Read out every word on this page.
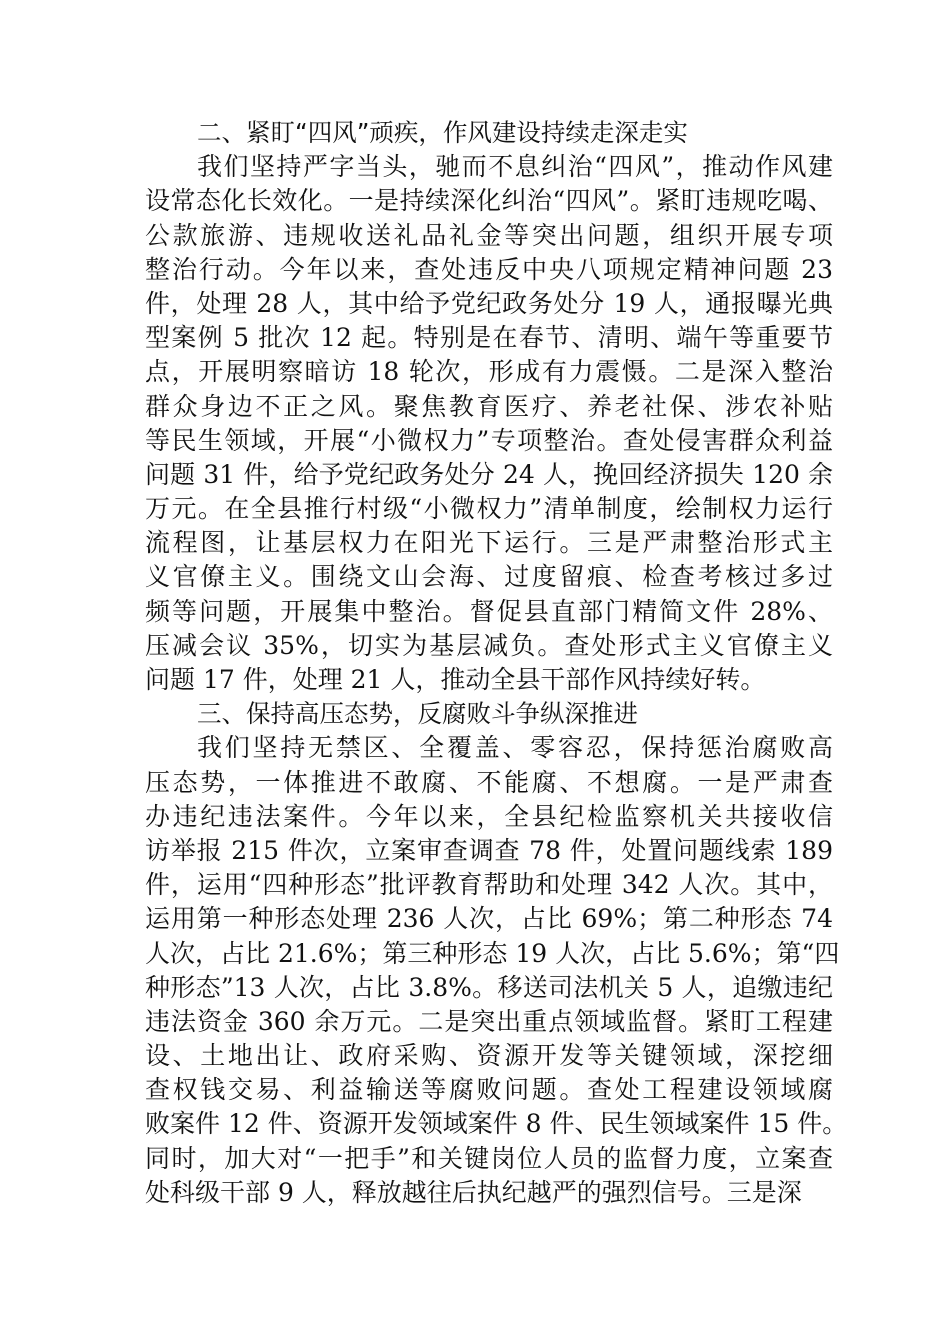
二、紧盯“四风”顽疾，作风建设持续走深走实
我们坚持严字当头，驰而不息纠治“四风”，推动作风建
设常态化长效化。一是持续深化纠治“四风”。紧盯违规吃喝、
公款旅游、违规收送礼品礼金等突出问题，组织开展专项
整治行动。今年以来，查处违反中央八项规定精神问题 23
件，处理 28 人，其中给予党纪政务处分 19 人，通报曝光典
型案例 5 批次 12 起。特别是在春节、清明、端午等重要节
点，开展明察暗访 18 轮次，形成有力震慑。二是深入整治
群众身边不正之风。聚焦教育医疗、养老社保、涉农补贴
等民生领域，开展“小微权力”专项整治。查处侵害群众利益
问题 31 件，给予党纪政务处分 24 人，挽回经济损失 120 余
万元。在全县推行村级“小微权力”清单制度，绘制权力运行
流程图，让基层权力在阳光下运行。三是严肃整治形式主
义官僚主义。围绕文山会海、过度留痕、检查考核过多过
频等问题，开展集中整治。督促县直部门精简文件 28%、
压减会议 35%，切实为基层减负。查处形式主义官僚主义
问题 17 件，处理 21 人，推动全县干部作风持续好转。
三、保持高压态势，反腐败斗争纵深推进
我们坚持无禁区、全覆盖、零容忍，保持惩治腐败高
压态势，一体推进不敢腐、不能腐、不想腐。一是严肃查
办违纪违法案件。今年以来，全县纪检监察机关共接收信
访举报 215 件次，立案审查调查 78 件，处置问题线索 189
件，运用“四种形态”批评教育帮助和处理 342 人次。其中，
运用第一种形态处理 236 人次，占比 69%；第二种形态 74
人次，占比 21.6%；第三种形态 19 人次，占比 5.6%；第“四
种形态”13 人次，占比 3.8%。移送司法机关 5 人，追缴违纪
违法资金 360 余万元。二是突出重点领域监督。紧盯工程建
设、土地出让、政府采购、资源开发等关键领域，深挖细
查权钱交易、利益输送等腐败问题。查处工程建设领域腐
败案件 12 件、资源开发领域案件 8 件、民生领域案件 15 件。
同时，加大对“一把手”和关键岗位人员的监督力度，立案查
处科级干部 9 人，释放越往后执纪越严的强烈信号。三是深
